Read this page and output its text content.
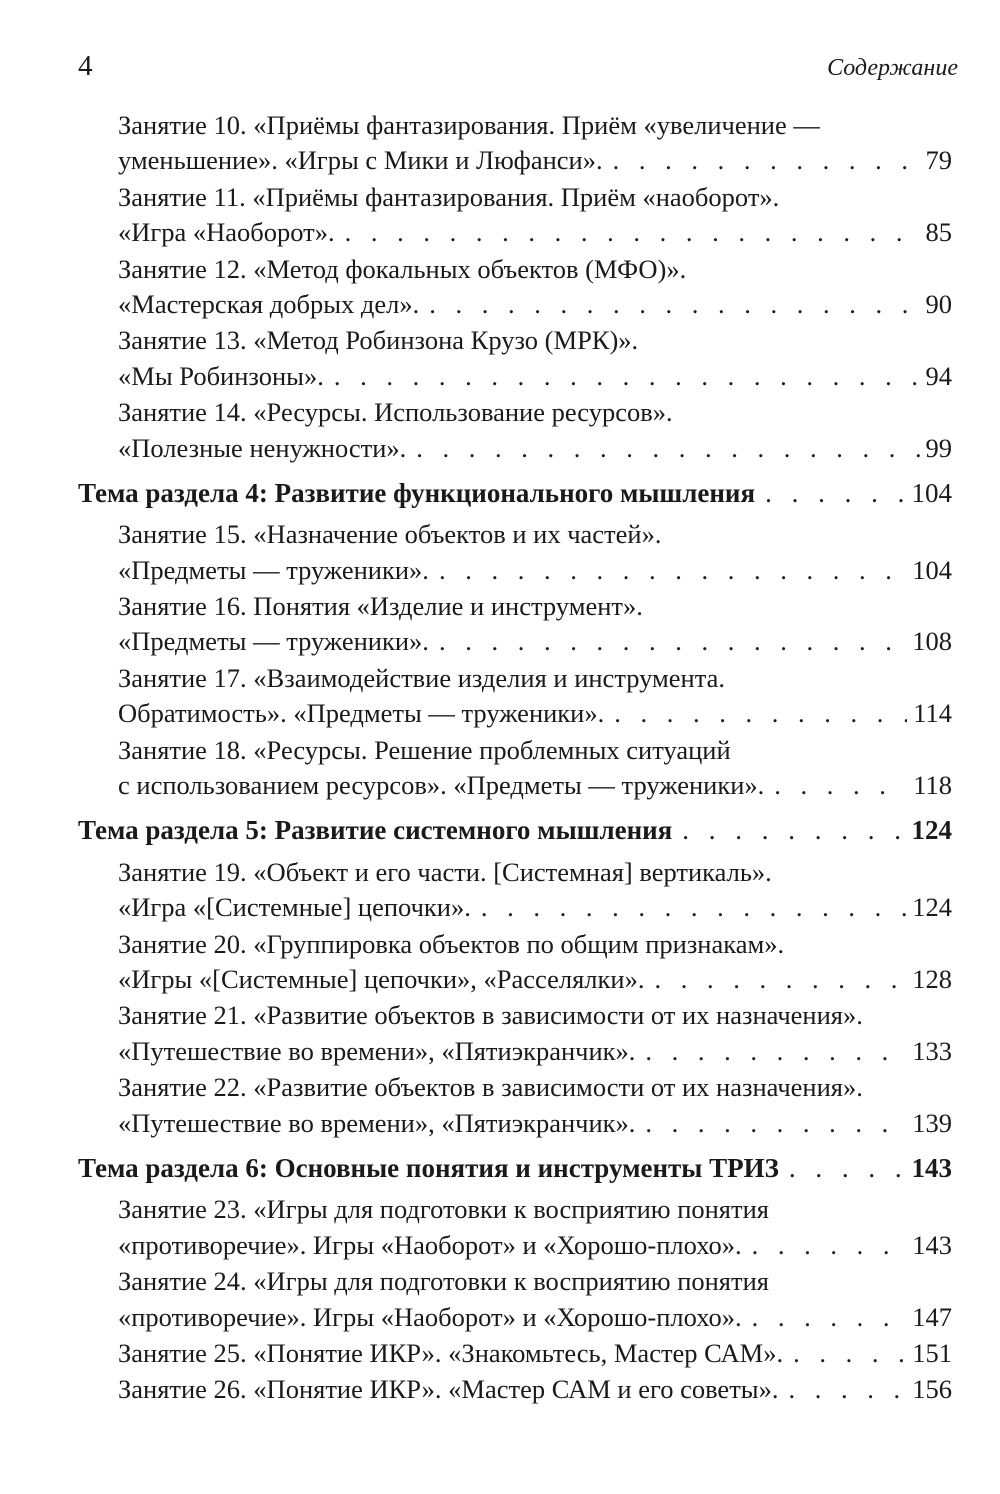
4	Содержание
Занятие 10. «Приёмы фантазирования. Приём «увеличение —
уменьшение». «Игры с Мики и Люфанси». . . .	79
Занятие 11. «Приёмы фантазирования. Приём «наоборот».
«Игра «Наоборот». . . .	85
Занятие 12. «Метод фокальных объектов (МФО)».
«Мастерская добрых дел». . . .	90
Занятие 13. «Метод Робинзона Крузо (МРК)».
«Мы Робинзоны». . . .	94
Занятие 14. «Ресурсы. Использование ресурсов».
«Полезные ненужности». . . .	99
Тема раздела 4: Развитие функционального мышления . . .	104
Занятие 15. «Назначение объектов и их частей».
«Предметы — труженики». . . .	104
Занятие 16. Понятия «Изделие и инструмент».
«Предметы — труженики». . . .	108
Занятие 17. «Взаимодействие изделия и инструмента.
Обратимость». «Предметы — труженики». . . .	114
Занятие 18. «Ресурсы. Решение проблемных ситуаций
с использованием ресурсов». «Предметы — труженики». . . .	118
Тема раздела 5: Развитие системного мышления . . .	124
Занятие 19. «Объект и его части. [Системная] вертикаль».
«Игра «[Системные] цепочки». . . .	124
Занятие 20. «Группировка объектов по общим признакам».
«Игры «[Системные] цепочки», «Расселялки». . . .	128
Занятие 21. «Развитие объектов в зависимости от их назначения».
«Путешествие во времени», «Пятиэкранчик». . . .	133
Занятие 22. «Развитие объектов в зависимости от их назначения».
«Путешествие во времени», «Пятиэкранчик». . . .	139
Тема раздела 6: Основные понятия и инструменты ТРИЗ . . .	143
Занятие 23. «Игры для подготовки к восприятию понятия
«противоречие». Игры «Наоборот» и «Хорошо-плохо». . . .	143
Занятие 24. «Игры для подготовки к восприятию понятия
«противоречие». Игры «Наоборот» и «Хорошо-плохо». . . .	147
Занятие 25. «Понятие ИКР». «Знакомьтесь, Мастер САМ». . . .	151
Занятие 26. «Понятие ИКР». «Мастер САМ и его советы». . . .	156
